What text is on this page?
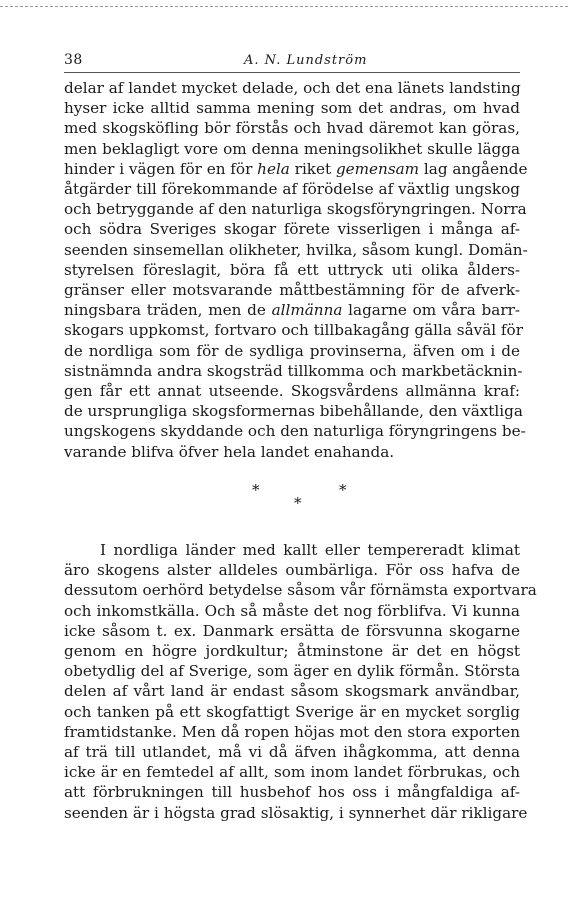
38	A. N. Lundström
delar af landet mycket delade, och det ena länets landsting
hyser icke alltid samma mening som det andras, om hvad
med skogsköfling bör förstås och hvad däremot kan göras,
men beklagligt vore om denna meningsolikhet skulle lägga
hinder i vägen för en för hela riket gemensam lag angående
åtgärder till förekommande af förödelse af växtlig ungskog
och betryggande af den naturliga skogsföryngringen. Norra
och södra Sveriges skogar förete visserligen i många af-
seenden sinsemellan olikheter, hvilka, såsom kungl. Domän-
styrelsen föreslagit, böra få ett uttryck uti olika ålders-
gränser eller motsvarande måttbestämning för de afverk-
ningsbara träden, men de allmänna lagarne om våra barr-
skogars uppkomst, fortvaro och tillbakagång gälla såväl för
de nordliga som för de sydliga provinserna, äfven om i de
sistnämnda andra skogsträd tillkomma och markbetäcknin-
gen får ett annat utseende. Skogsvårdens allmänna kraf:
de ursprungliga skogsformernas bibehållande, den växtliga
ungskogens skyddande och den naturliga föryngringens be-
varande blifva öfver hela landet enahanda.
*	*
*
I nordliga länder med kallt eller tempereradt klimat
äro skogens alster alldeles oumbärliga. För oss hafva de
dessutom oerhörd betydelse såsom vår förnämsta exportvara
och inkomstkälla. Och så måste det nog förblifva. Vi kunna
icke såsom t. ex. Danmark ersätta de försvunna skogarne
genom en högre jordkultur; åtminstone är det en högst
obetydlig del af Sverige, som äger en dylik förmån. Största
delen af vårt land är endast såsom skogsmark användbar,
och tanken på ett skogfattigt Sverige är en mycket sorglig
framtidstanke. Men då ropen höjas mot den stora exporten
af trä till utlandet, må vi då äfven ihågkomma, att denna
icke är en femtedel af allt, som inom landet förbrukas, och
att förbrukningen till husbehof hos oss i mångfaldiga af-
seenden är i högsta grad slösaktig, i synnerhet där rikligare
